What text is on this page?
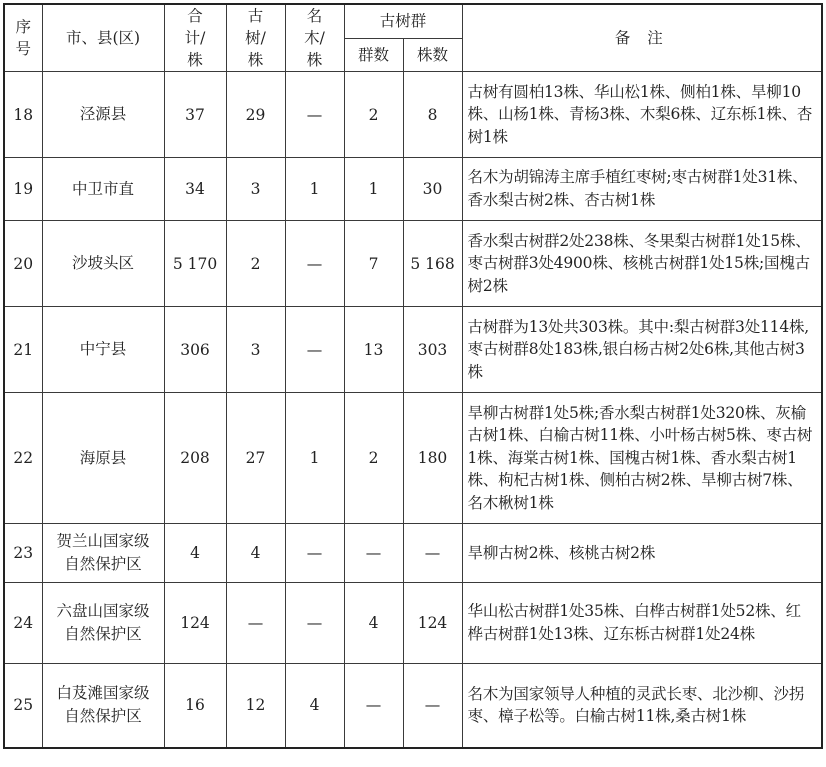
序号	市、县(区)	合计/株	古树/株	名木/株	古树群		备 注
					群数	株数	
18	泾源县	37	29	—	2	8	古树有圆柏13株、华山松1株、侧柏1株、旱柳10株、山杨1株、青杨3株、木梨6株、辽东栎1株、杏树1株
19	中卫市直	34	3	1	1	30	名木为胡锦涛主席手植红枣树;枣古树群1处31株、香水梨古树2株、杏古树1株
20	沙坡头区	5 170	2	—	7	5 168	香水梨古树群2处238株、冬果梨古树群1处15株、枣古树群3处4900株、核桃古树群1处15株;国槐古树2株
21	中宁县	306	3	—	13	303	古树群为13处共303株。其中:梨古树群3处114株,枣古树群8处183株,银白杨古树2处6株,其他古树3株
22	海原县	208	27	1	2	180	旱柳古树群1处5株;香水梨古树群1处320株、灰榆古树1株、白榆古树11株、小叶杨古树5株、枣古树1株、海棠古树1株、国槐古树1株、香水梨古树1株、枸杞古树1株、侧柏古树2株、旱柳古树7株、名木楸树1株
23	贺兰山国家级自然保护区	4	4	—	—	—	旱柳古树2株、核桃古树2株
24	六盘山国家级自然保护区	124	—	—	4	124	华山松古树群1处35株、白桦古树群1处52株、红桦古树群1处13株、辽东栎古树群1处24株
25	白芨滩国家级自然保护区	16	12	4	—	—	名木为国家领导人种植的灵武长枣、北沙柳、沙拐枣、樟子松等。白榆古树11株,桑古树1株
